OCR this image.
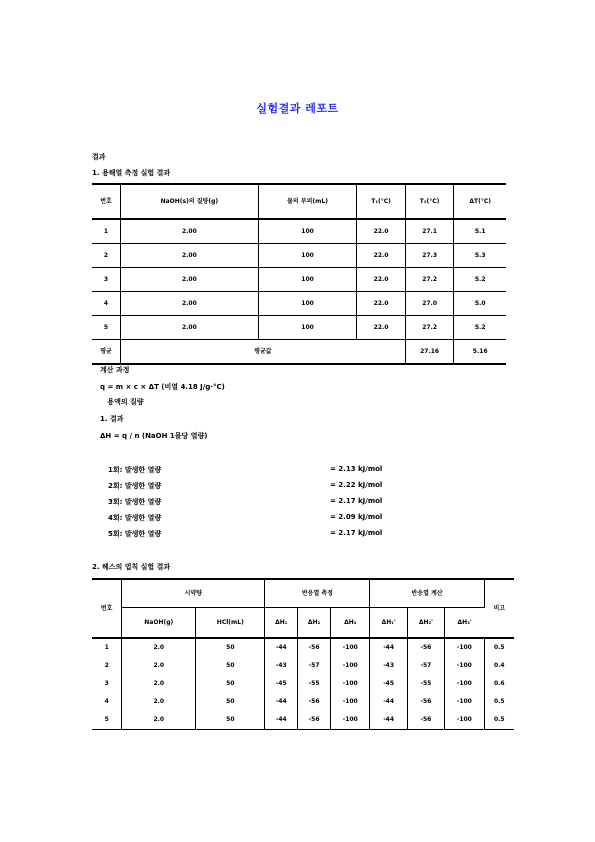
실험결과 레포트
결과
1. 용해열 측정 실험 결과
번호	NaOH(s)의 질량(g)	물의 부피(mL)	T₁(°C)	T₂(°C)	ΔT(°C)
1	2.00	100	22.0	27.1	5.1
2	2.00	100	22.0	27.3	5.3
3	2.00	100	22.0	27.2	5.2
4	2.00	100	22.0	27.0	5.0
5	2.00	100	22.0	27.2	5.2
평균	평균값			27.16	5.16
계산 과정
q = m × c × ΔT (비열 4.18 J/g·°C)
용액의 질량
1. 결과
ΔH = q / n (NaOH 1몰당 열량)
1회: 발생한 열량	= 2.13 kJ/mol
2회: 발생한 열량	= 2.22 kJ/mol
3회: 발생한 열량	= 2.17 kJ/mol
4회: 발생한 열량	= 2.09 kJ/mol
5회: 발생한 열량	= 2.17 kJ/mol
2. 헤스의 법칙 실험 결과
번호	시약량		반응열 측정			반응열 계산			비고
	NaOH(g)	HCl(mL)	ΔH₁	ΔH₂	ΔH₃	ΔH₁'	ΔH₂'	ΔH₃'	
1	2.0	50	-44	-56	-100	-44	-56	-100	0.5
2	2.0	50	-43	-57	-100	-43	-57	-100	0.4
3	2.0	50	-45	-55	-100	-45	-55	-100	0.6
4	2.0	50	-44	-56	-100	-44	-56	-100	0.5
5	2.0	50	-44	-56	-100	-44	-56	-100	0.5
